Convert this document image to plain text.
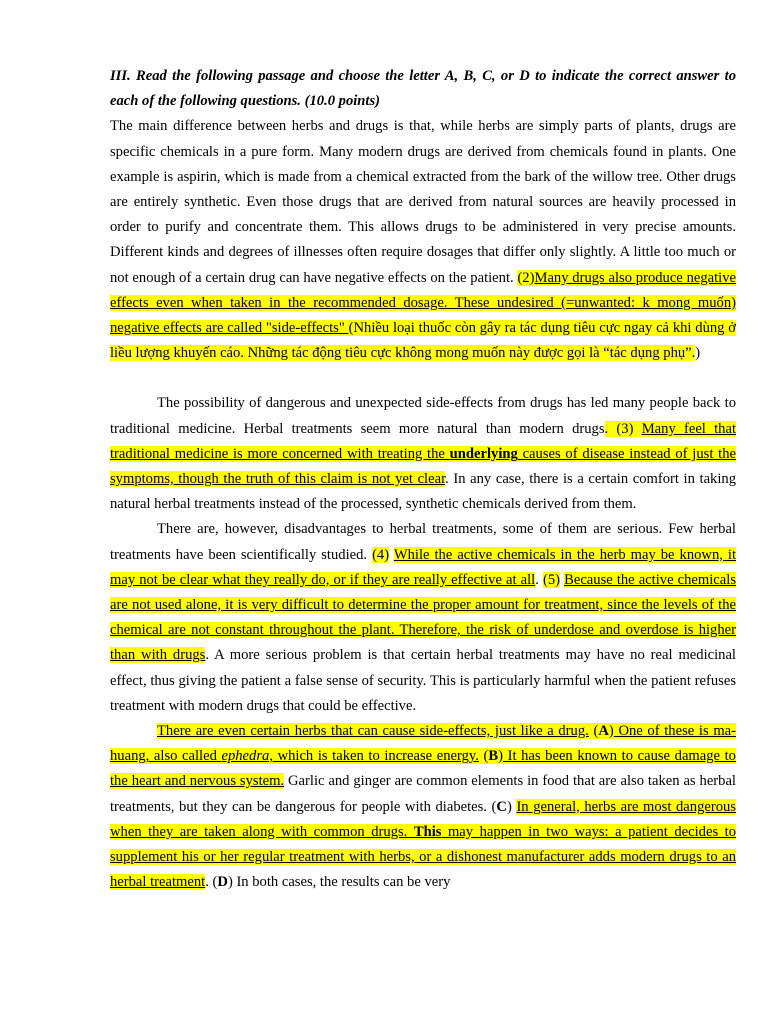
III. Read the following passage and choose the letter A, B, C, or D to indicate the correct answer to each of the following questions. (10.0 points)

The main difference between herbs and drugs is that, while herbs are simply parts of plants, drugs are specific chemicals in a pure form. Many modern drugs are derived from chemicals found in plants. One example is aspirin, which is made from a chemical extracted from the bark of the willow tree. Other drugs are entirely synthetic. Even those drugs that are derived from natural sources are heavily processed in order to purify and concentrate them. This allows drugs to be administered in very precise amounts. Different kinds and degrees of illnesses often require dosages that differ only slightly. A little too much or not enough of a certain drug can have negative effects on the patient. (2)Many drugs also produce negative effects even when taken in the recommended dosage. These undesired (=unwanted: k mong muốn) negative effects are called "side-effects" (Nhiều loại thuốc còn gây ra tác dụng tiêu cực ngay cả khi dùng ở liều lượng khuyến cáo. Những tác động tiêu cực không mong muốn này được gọi là “tác dụng phụ”.)

The possibility of dangerous and unexpected side-effects from drugs has led many people back to traditional medicine. Herbal treatments seem more natural than modern drugs. (3) Many feel that traditional medicine is more concerned with treating the underlying causes of disease instead of just the symptoms, though the truth of this claim is not yet clear. In any case, there is a certain comfort in taking natural herbal treatments instead of the processed, synthetic chemicals derived from them.

There are, however, disadvantages to herbal treatments, some of them are serious. Few herbal treatments have been scientifically studied. (4) While the active chemicals in the herb may be known, it may not be clear what they really do, or if they are really effective at all. (5) Because the active chemicals are not used alone, it is very difficult to determine the proper amount for treatment, since the levels of the chemical are not constant throughout the plant. Therefore, the risk of underdose and overdose is higher than with drugs. A more serious problem is that certain herbal treatments may have no real medicinal effect, thus giving the patient a false sense of security. This is particularly harmful when the patient refuses treatment with modern drugs that could be effective.

There are even certain herbs that can cause side-effects, just like a drug. (A) One of these is ma- huang, also called ephedra, which is taken to increase energy. (B) It has been known to cause damage to the heart and nervous system. Garlic and ginger are common elements in food that are also taken as herbal treatments, but they can be dangerous for people with diabetes. (C) In general, herbs are most dangerous when they are taken along with common drugs. This may happen in two ways: a patient decides to supplement his or her regular treatment with herbs, or a dishonest manufacturer adds modern drugs to an herbal treatment. (D) In both cases, the results can be very
